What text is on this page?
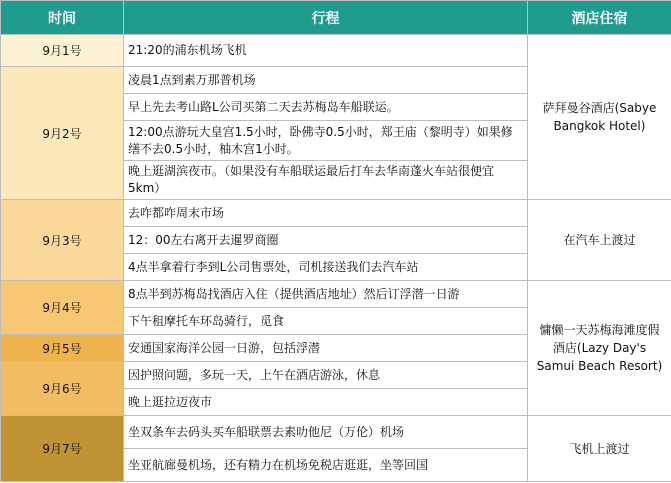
时间	行程	酒店住宿
9月1号	21:20的浦东机场飞机	萨拜曼谷酒店(Sabye Bangkok Hotel)
9月2号	凌晨1点到素万那普机场	
	早上先去考山路L公司买第二天去苏梅岛车船联运。	
	12:00点游玩大皇宫1.5小时，卧佛寺0.5小时，郑王庙（黎明寺）如果修缮不去0.5小时，柚木宫1小时。	
	晚上逛湖滨夜市。（如果没有车船联运最后打车去华南蓬火车站很便宜5km）	
9月3号	去咋都咋周末市场	在汽车上渡过
	12：00左右离开去暹罗商圈	
	4点半拿着行李到L公司售票处，司机接送我们去汽车站	
9月4号	8点半到苏梅岛找酒店入住（提供酒店地址）然后订浮潜一日游	慵懒一天苏梅海滩度假酒店(Lazy Day's Samui Beach Resort)
	下午租摩托车环岛骑行，觅食	
9月5号	安通国家海洋公园一日游，包括浮潜	
9月6号	因护照问题，多玩一天，上午在酒店游泳，休息	
	晚上逛拉迈夜市	
9月7号	坐双条车去码头买车船联票去素叻他尼（万伦）机场	飞机上渡过
	坐亚航廊曼机场，还有精力在机场免税店逛逛，坐等回国	
